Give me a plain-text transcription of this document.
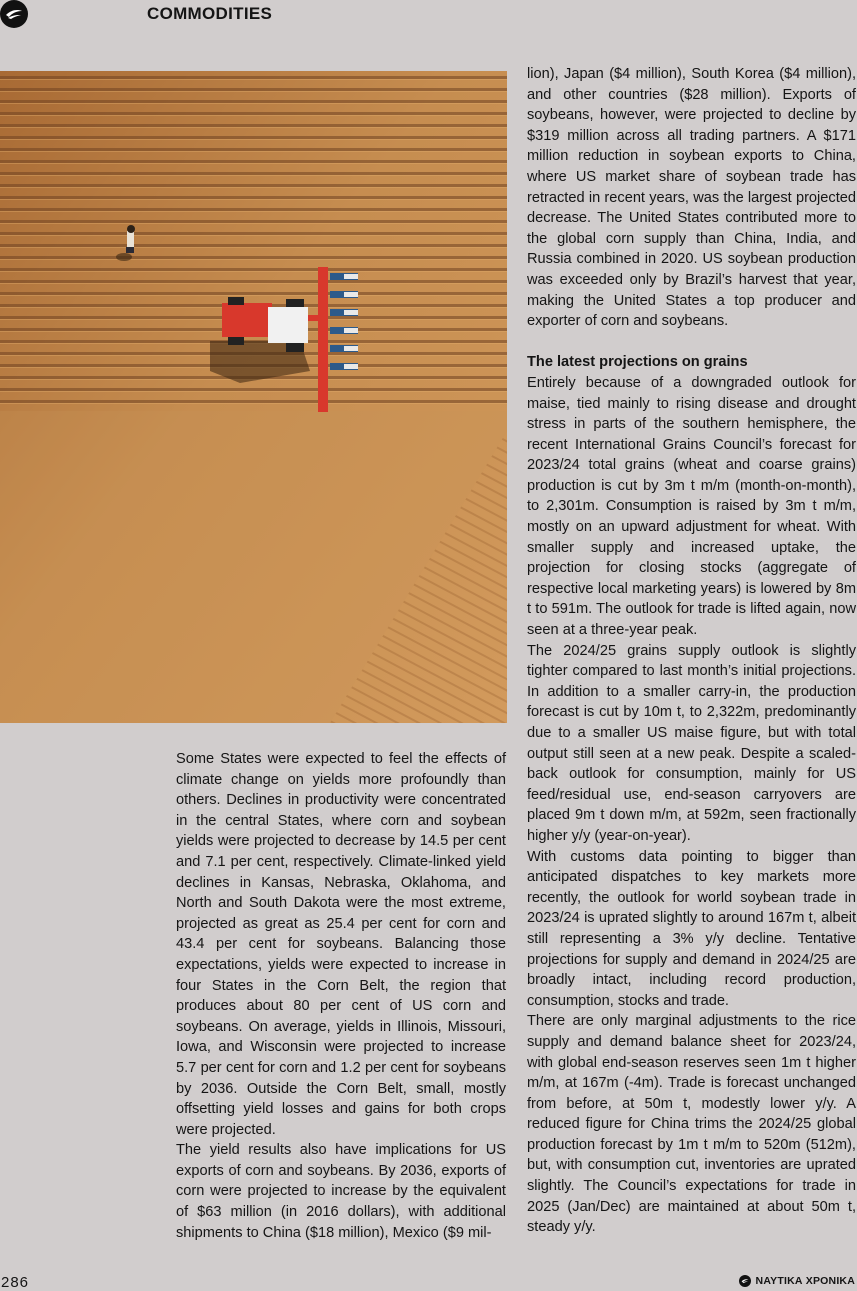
COMMODITIES

lion), Japan ($4 million), South Korea ($4 million), and other countries ($28 million). Exports of soybeans, however, were projected to decline by $319 million across all trading partners. A $171 million reduction in soybean exports to China, where US market share of soybean trade has retracted in recent years, was the largest projected decrease. The United States contributed more to the global corn supply than China, India, and Russia combined in 2020. US soybean production was exceeded only by Brazil’s harvest that year, making the United States a top producer and exporter of corn and soybeans.

The latest projections on grains

Entirely because of a downgraded outlook for maise, tied mainly to rising disease and drought stress in parts of the southern hemisphere, the recent International Grains Council’s forecast for 2023/24 total grains (wheat and coarse grains) production is cut by 3m t m/m (month-on-month), to 2,301m. Consumption is raised by 3m t m/m, mostly on an upward adjustment for wheat. With smaller supply and increased uptake, the projection for closing stocks (aggregate of respective local marketing years) is lowered by 8m t to 591m. The outlook for trade is lifted again, now seen at a three-year peak.

The 2024/25 grains supply outlook is slightly tighter compared to last month’s initial projections. In addition to a smaller carry-in, the production forecast is cut by 10m t, to 2,322m, predominantly due to a smaller US maise figure, but with total output still seen at a new peak. Despite a scaled-back outlook for consumption, mainly for US feed/residual use, end-season carryovers are placed 9m t down m/m, at 592m, seen fractionally higher y/y (year-on-year).

With customs data pointing to bigger than anticipated dispatches to key markets more recently, the outlook for world soybean trade in 2023/24 is uprated slightly to around 167m t, albeit still representing a 3% y/y decline. Tentative projections for supply and demand in 2024/25 are broadly intact, including record production, consumption, stocks and trade.

There are only marginal adjustments to the rice supply and demand balance sheet for 2023/24, with global end-season reserves seen 1m t higher m/m, at 167m (-4m). Trade is forecast unchanged from before, at 50m t, modestly lower y/y. A reduced figure for China trims the 2024/25 global production forecast by 1m t m/m to 520m (512m), but, with consumption cut, inventories are uprated slightly. The Council’s expectations for trade in 2025 (Jan/Dec) are maintained at about 50m t, steady y/y.

Some States were expected to feel the effects of climate change on yields more profoundly than others. Declines in productivity were concentrated in the central States, where corn and soybean yields were projected to decrease by 14.5 per cent and 7.1 per cent, respectively. Climate-linked yield declines in Kansas, Nebraska, Oklahoma, and North and South Dakota were the most extreme, projected as great as 25.4 per cent for corn and 43.4 per cent for soybeans. Balancing those expectations, yields were expected to increase in four States in the Corn Belt, the region that produces about 80 per cent of US corn and soybeans. On average, yields in Illinois, Missouri, Iowa, and Wisconsin were projected to increase 5.7 per cent for corn and 1.2 per cent for soybeans by 2036. Outside the Corn Belt, small, mostly offsetting yield losses and gains for both crops were projected.

The yield results also have implications for US exports of corn and soybeans. By 2036, exports of corn were projected to increase by the equivalent of $63 million (in 2016 dollars), with additional shipments to China ($18 million), Mexico ($9 mil-

286	ΝΑΥΤΙΚΑ ΧΡΟΝΙΚΑ
